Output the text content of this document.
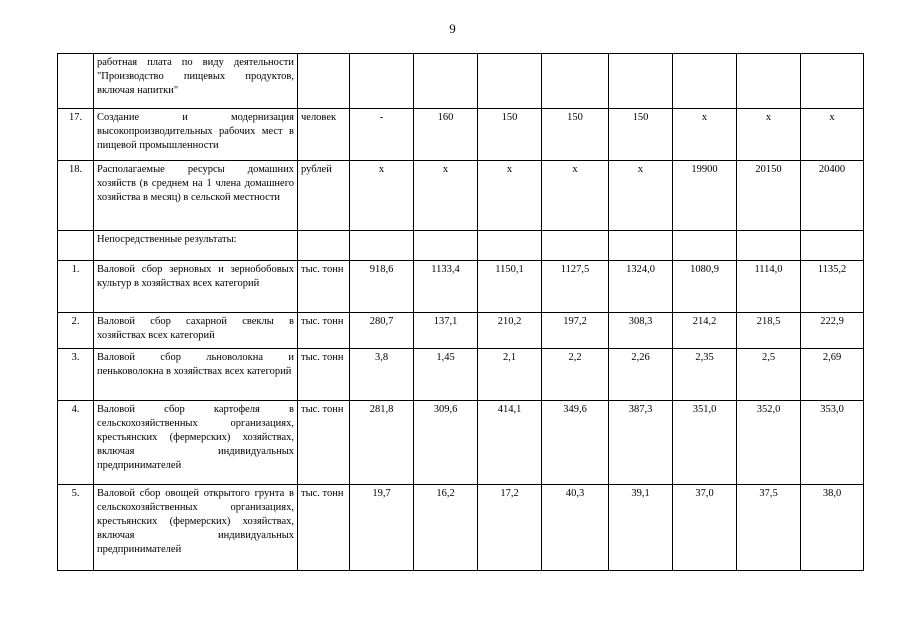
9
	работная плата по виду деятельности "Производство пищевых продуктов, включая напитки"									
17.	Создание и модернизация высокопроизводительных рабочих мест в пищевой промышленности	человек	-	160	150	150	150	x	x	x
18.	Располагаемые ресурсы домашних хозяйств (в среднем на 1 члена домашнего хозяйства в месяц) в сельской местности	рублей	x	x	x	x	x	19900	20150	20400
	Непосредственные результаты:									
1.	Валовой сбор зерновых и зернобобовых культур в хозяйствах всех категорий	тыс. тонн	918,6	1133,4	1150,1	1127,5	1324,0	1080,9	1114,0	1135,2
2.	Валовой сбор сахарной свеклы в хозяйствах всех категорий	тыс. тонн	280,7	137,1	210,2	197,2	308,3	214,2	218,5	222,9
3.	Валовой сбор льноволокна и пеньковолокна в хозяйствах всех категорий	тыс. тонн	3,8	1,45	2,1	2,2	2,26	2,35	2,5	2,69
4.	Валовой сбор картофеля в сельскохозяйственных организациях, крестьянских (фермерских) хозяйствах, включая индивидуальных предпринимателей	тыс. тонн	281,8	309,6	414,1	349,6	387,3	351,0	352,0	353,0
5.	Валовой сбор овощей открытого грунта в сельскохозяйственных организациях, крестьянских (фермерских) хозяйствах, включая индивидуальных предпринимателей	тыс. тонн	19,7	16,2	17,2	40,3	39,1	37,0	37,5	38,0
